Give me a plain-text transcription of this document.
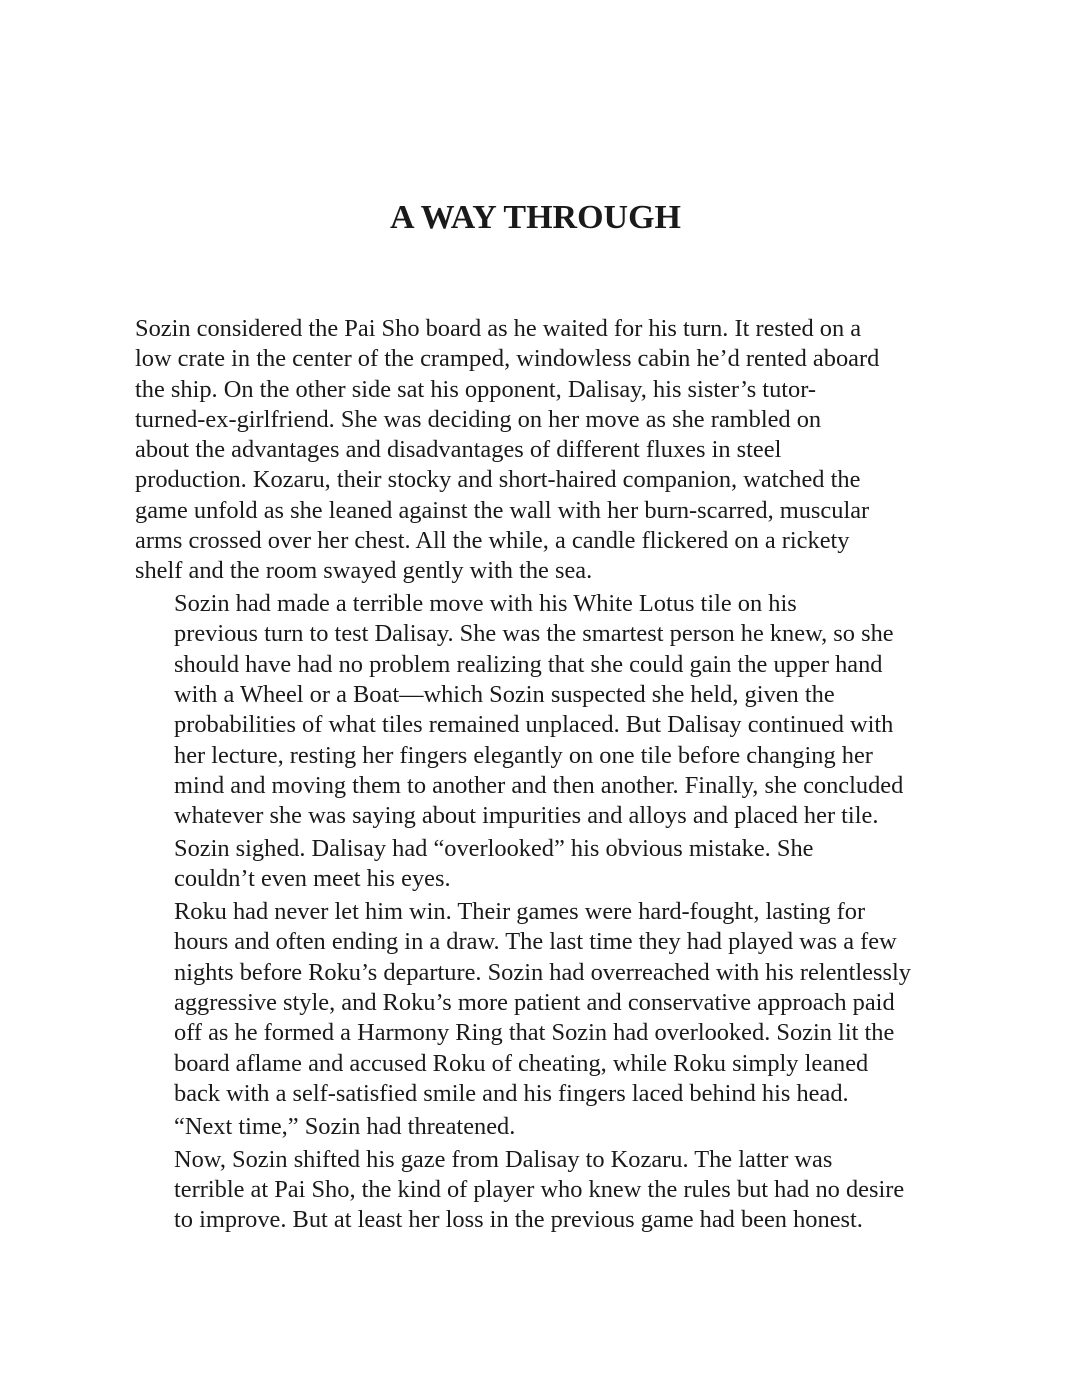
A WAY THROUGH

Sozin considered the Pai Sho board as he waited for his turn. It rested on a
low crate in the center of the cramped, windowless cabin he’d rented aboard
the ship. On the other side sat his opponent, Dalisay, his sister’s tutor-
turned-ex-girlfriend. She was deciding on her move as she rambled on
about the advantages and disadvantages of different fluxes in steel
production. Kozaru, their stocky and short-haired companion, watched the
game unfold as she leaned against the wall with her burn-scarred, muscular
arms crossed over her chest. All the while, a candle flickered on a rickety
shelf and the room swayed gently with the sea.

Sozin had made a terrible move with his White Lotus tile on his
previous turn to test Dalisay. She was the smartest person he knew, so she
should have had no problem realizing that she could gain the upper hand
with a Wheel or a Boat—which Sozin suspected she held, given the
probabilities of what tiles remained unplaced. But Dalisay continued with
her lecture, resting her fingers elegantly on one tile before changing her
mind and moving them to another and then another. Finally, she concluded
whatever she was saying about impurities and alloys and placed her tile.

Sozin sighed. Dalisay had “overlooked” his obvious mistake. She
couldn’t even meet his eyes.

Roku had never let him win. Their games were hard-fought, lasting for
hours and often ending in a draw. The last time they had played was a few
nights before Roku’s departure. Sozin had overreached with his relentlessly
aggressive style, and Roku’s more patient and conservative approach paid
off as he formed a Harmony Ring that Sozin had overlooked. Sozin lit the
board aflame and accused Roku of cheating, while Roku simply leaned
back with a self-satisfied smile and his fingers laced behind his head.

“Next time,” Sozin had threatened.

Now, Sozin shifted his gaze from Dalisay to Kozaru. The latter was
terrible at Pai Sho, the kind of player who knew the rules but had no desire
to improve. But at least her loss in the previous game had been honest.
